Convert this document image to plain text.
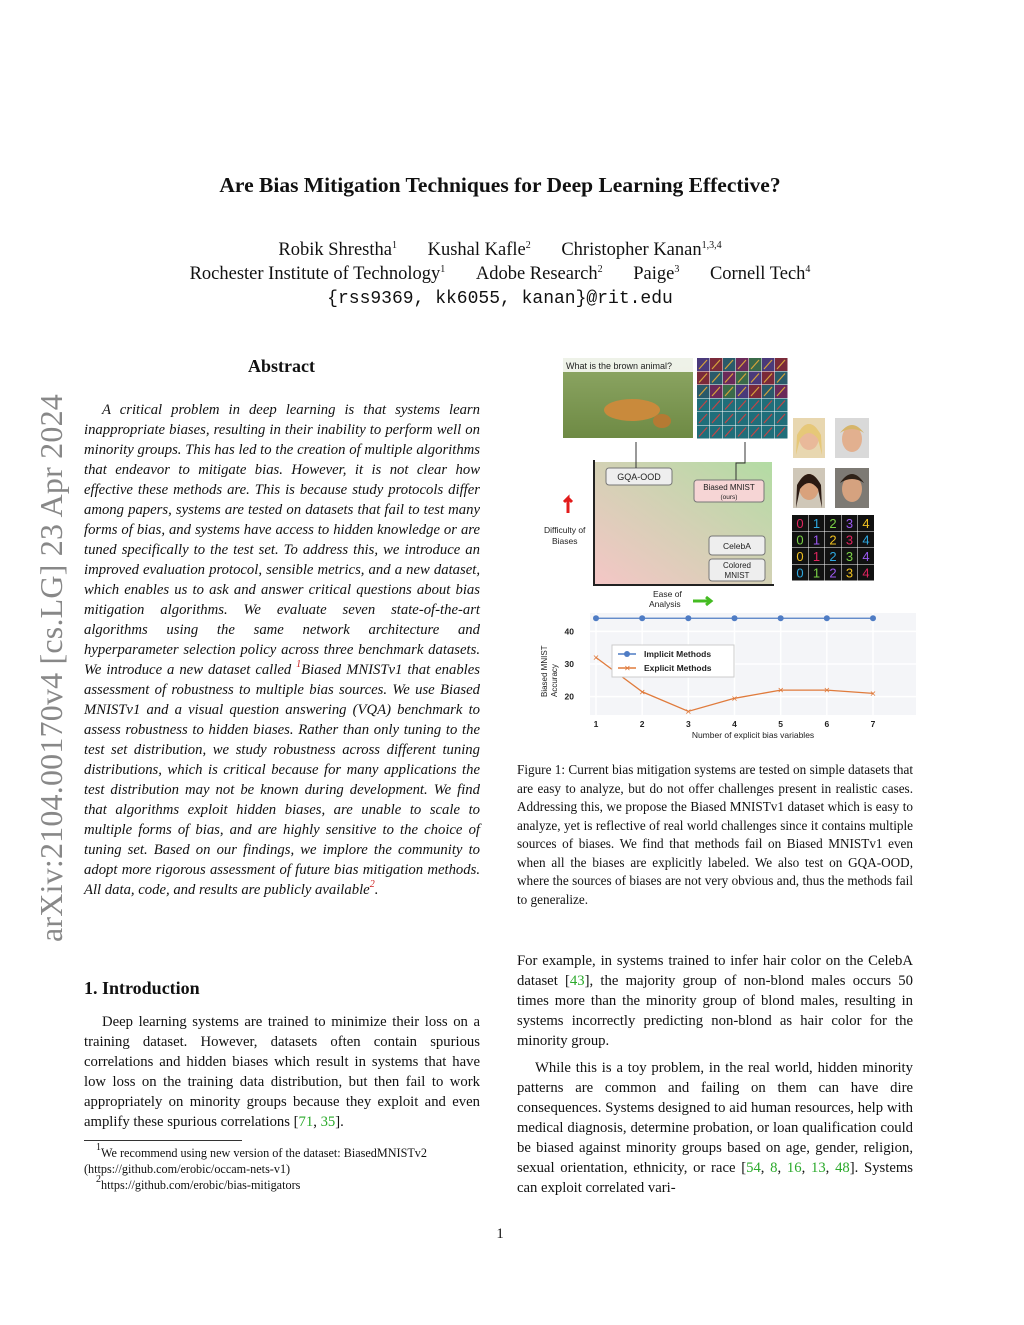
Are Bias Mitigation Techniques for Deep Learning Effective?
Robik Shrestha$^1$ Kushal Kafle$^2$ Christopher Kanan$^{1,3,4}$
Rochester Institute of Technology$^1$ Adobe Research$^2$ Paige$^3$ Cornell Tech$^4$
{rss9369, kk6055, kanan}@rit.edu
arXiv:2104.00170v4 [cs.LG] 23 Apr 2024
Abstract
A critical problem in deep learning is that systems learn inappropriate biases, resulting in their inability to perform well on minority groups. This has led to the creation of multiple algorithms that endeavor to mitigate bias. However, it is not clear how effective these methods are. This is because study protocols differ among papers, systems are tested on datasets that fail to test many forms of bias, and systems have access to hidden knowledge or are tuned specifically to the test set. To address this, we introduce an improved evaluation protocol, sensible metrics, and a new dataset, which enables us to ask and answer critical questions about bias mitigation algorithms. We evaluate seven state-of-the-art algorithms using the same network architecture and hyperparameter selection policy across three benchmark datasets. We introduce a new dataset called $^1$Biased MNISTv1 that enables assessment of robustness to multiple bias sources. We use Biased MNISTv1 and a visual question answering (VQA) benchmark to assess robustness to hidden biases. Rather than only tuning to the test set distribution, we study robustness across different tuning distributions, which is critical because for many applications the test distribution may not be known during development. We find that algorithms exploit hidden biases, are unable to scale to multiple forms of bias, and are highly sensitive to the choice of tuning set. Based on our findings, we implore the community to adopt more rigorous assessment of future bias mitigation methods. All data, code, and results are publicly available$^2$.
1. Introduction
Deep learning systems are trained to minimize their loss on a training dataset. However, datasets often contain spurious correlations and hidden biases which result in systems that have low loss on the training data distribution, but then fail to work appropriately on minority groups because they exploit and even amplify these spurious correlations [71, 35].
$^1$We recommend using new version of the dataset: BiasedMNISTv2 (https://github.com/erobic/occam-nets-v1)
$^2$https://github.com/erobic/bias-mitigators
What is the brown animal?
Difficulty of
Biases
Ease of
Analysis
GQA-OOD
Biased MNIST
(ours)
CelebA
Colored
MNIST
0 1 2 3 4
0 1 2 3 4
0 1 2 3 4
0 1 2 3 4
20
30
40
1	2	3	4	5	6	7
✕
✕
✕
✕
✕	✕	✕
Biased MNISTAccuracy
Number of explicit bias variables
Implicit Methods
✕ Explicit Methods
Figure 1: Current bias mitigation systems are tested on simple datasets that are easy to analyze, but do not offer challenges present in realistic cases. Addressing this, we propose the Biased MNISTv1 dataset which is easy to analyze, yet is reflective of real world challenges since it contains multiple sources of biases. We find that methods fail on Biased MNISTv1 even when all the biases are explicitly labeled. We also test on GQA-OOD, where the sources of biases are not very obvious and, thus the methods fail to generalize.

For example, in systems trained to infer hair color on the CelebA dataset [43], the majority group of non-blond males occurs 50 times more than the minority group of blond males, resulting in systems incorrectly predicting non-blond as hair color for the minority group.

While this is a toy problem, in the real world, hidden minority patterns are common and failing on them can have dire consequences. Systems designed to aid human resources, help with medical diagnosis, determine probation, or loan qualification could be biased against minority groups based on age, gender, religion, sexual orientation, ethnicity, or race [54, 8, 16, 13, 48]. Systems can exploit correlated vari-

1
